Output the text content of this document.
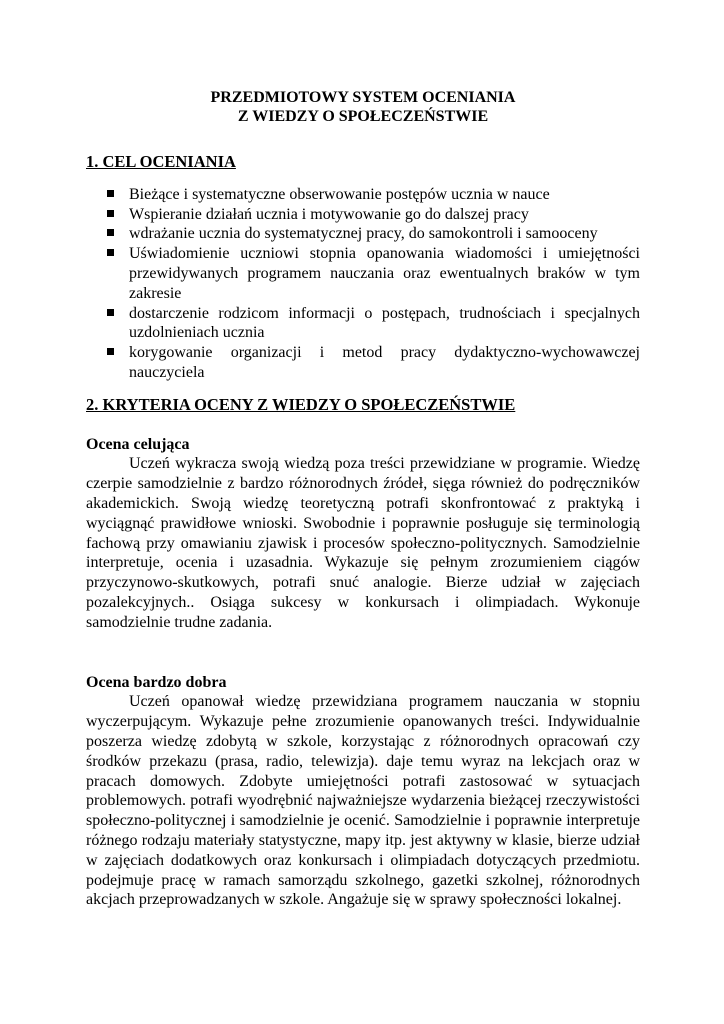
PRZEDMIOTOWY SYSTEM OCENIANIA

Z WIEDZY O SPOŁECZEŃSTWIE

1. CEL OCENIANIA

Bieżące i systematyczne obserwowanie postępów ucznia w nauce
Wspieranie działań ucznia i motywowanie go do dalszej pracy
wdrażanie ucznia do systematycznej pracy, do samokontroli i samooceny
Uświadomienie uczniowi stopnia opanowania wiadomości i umiejętności przewidywanych programem nauczania oraz ewentualnych braków w tym zakresie
dostarczenie rodzicom informacji o postępach, trudnościach i specjalnych uzdolnieniach ucznia
korygowanie organizacji i metod pracy dydaktyczno-wychowawczej nauczyciela

2. KRYTERIA OCENY Z WIEDZY O SPOŁECZEŃSTWIE

Ocena celująca

Uczeń wykracza swoją wiedzą poza treści przewidziane w programie. Wiedzę czerpie samodzielnie z bardzo różnorodnych źródeł, sięga również do podręczników akademickich. Swoją wiedzę teoretyczną potrafi skonfrontować z praktyką i wyciągnąć prawidłowe wnioski. Swobodnie i poprawnie posługuje się terminologią fachową przy omawianiu zjawisk i procesów społeczno-politycznych. Samodzielnie interpretuje, ocenia i uzasadnia. Wykazuje się pełnym zrozumieniem ciągów przyczynowo-skutkowych, potrafi snuć analogie. Bierze udział w zajęciach pozalekcyjnych.. Osiąga sukcesy w konkursach i olimpiadach. Wykonuje samodzielnie trudne zadania.

Ocena bardzo dobra

Uczeń opanował wiedzę przewidziana programem nauczania w stopniu wyczerpującym. Wykazuje pełne zrozumienie opanowanych treści. Indywidualnie poszerza wiedzę zdobytą w szkole, korzystając z różnorodnych opracowań czy środków przekazu (prasa, radio, telewizja). daje temu wyraz na lekcjach oraz w pracach domowych. Zdobyte umiejętności potrafi zastosować w sytuacjach problemowych. potrafi wyodrębnić najważniejsze wydarzenia bieżącej rzeczywistości społeczno-politycznej i samodzielnie je ocenić. Samodzielnie i poprawnie interpretuje różnego rodzaju materiały statystyczne, mapy itp. jest aktywny w klasie, bierze udział w zajęciach dodatkowych oraz konkursach i olimpiadach dotyczących przedmiotu. podejmuje pracę w ramach samorządu szkolnego, gazetki szkolnej, różnorodnych akcjach przeprowadzanych w szkole. Angażuje się w sprawy społeczności lokalnej.
